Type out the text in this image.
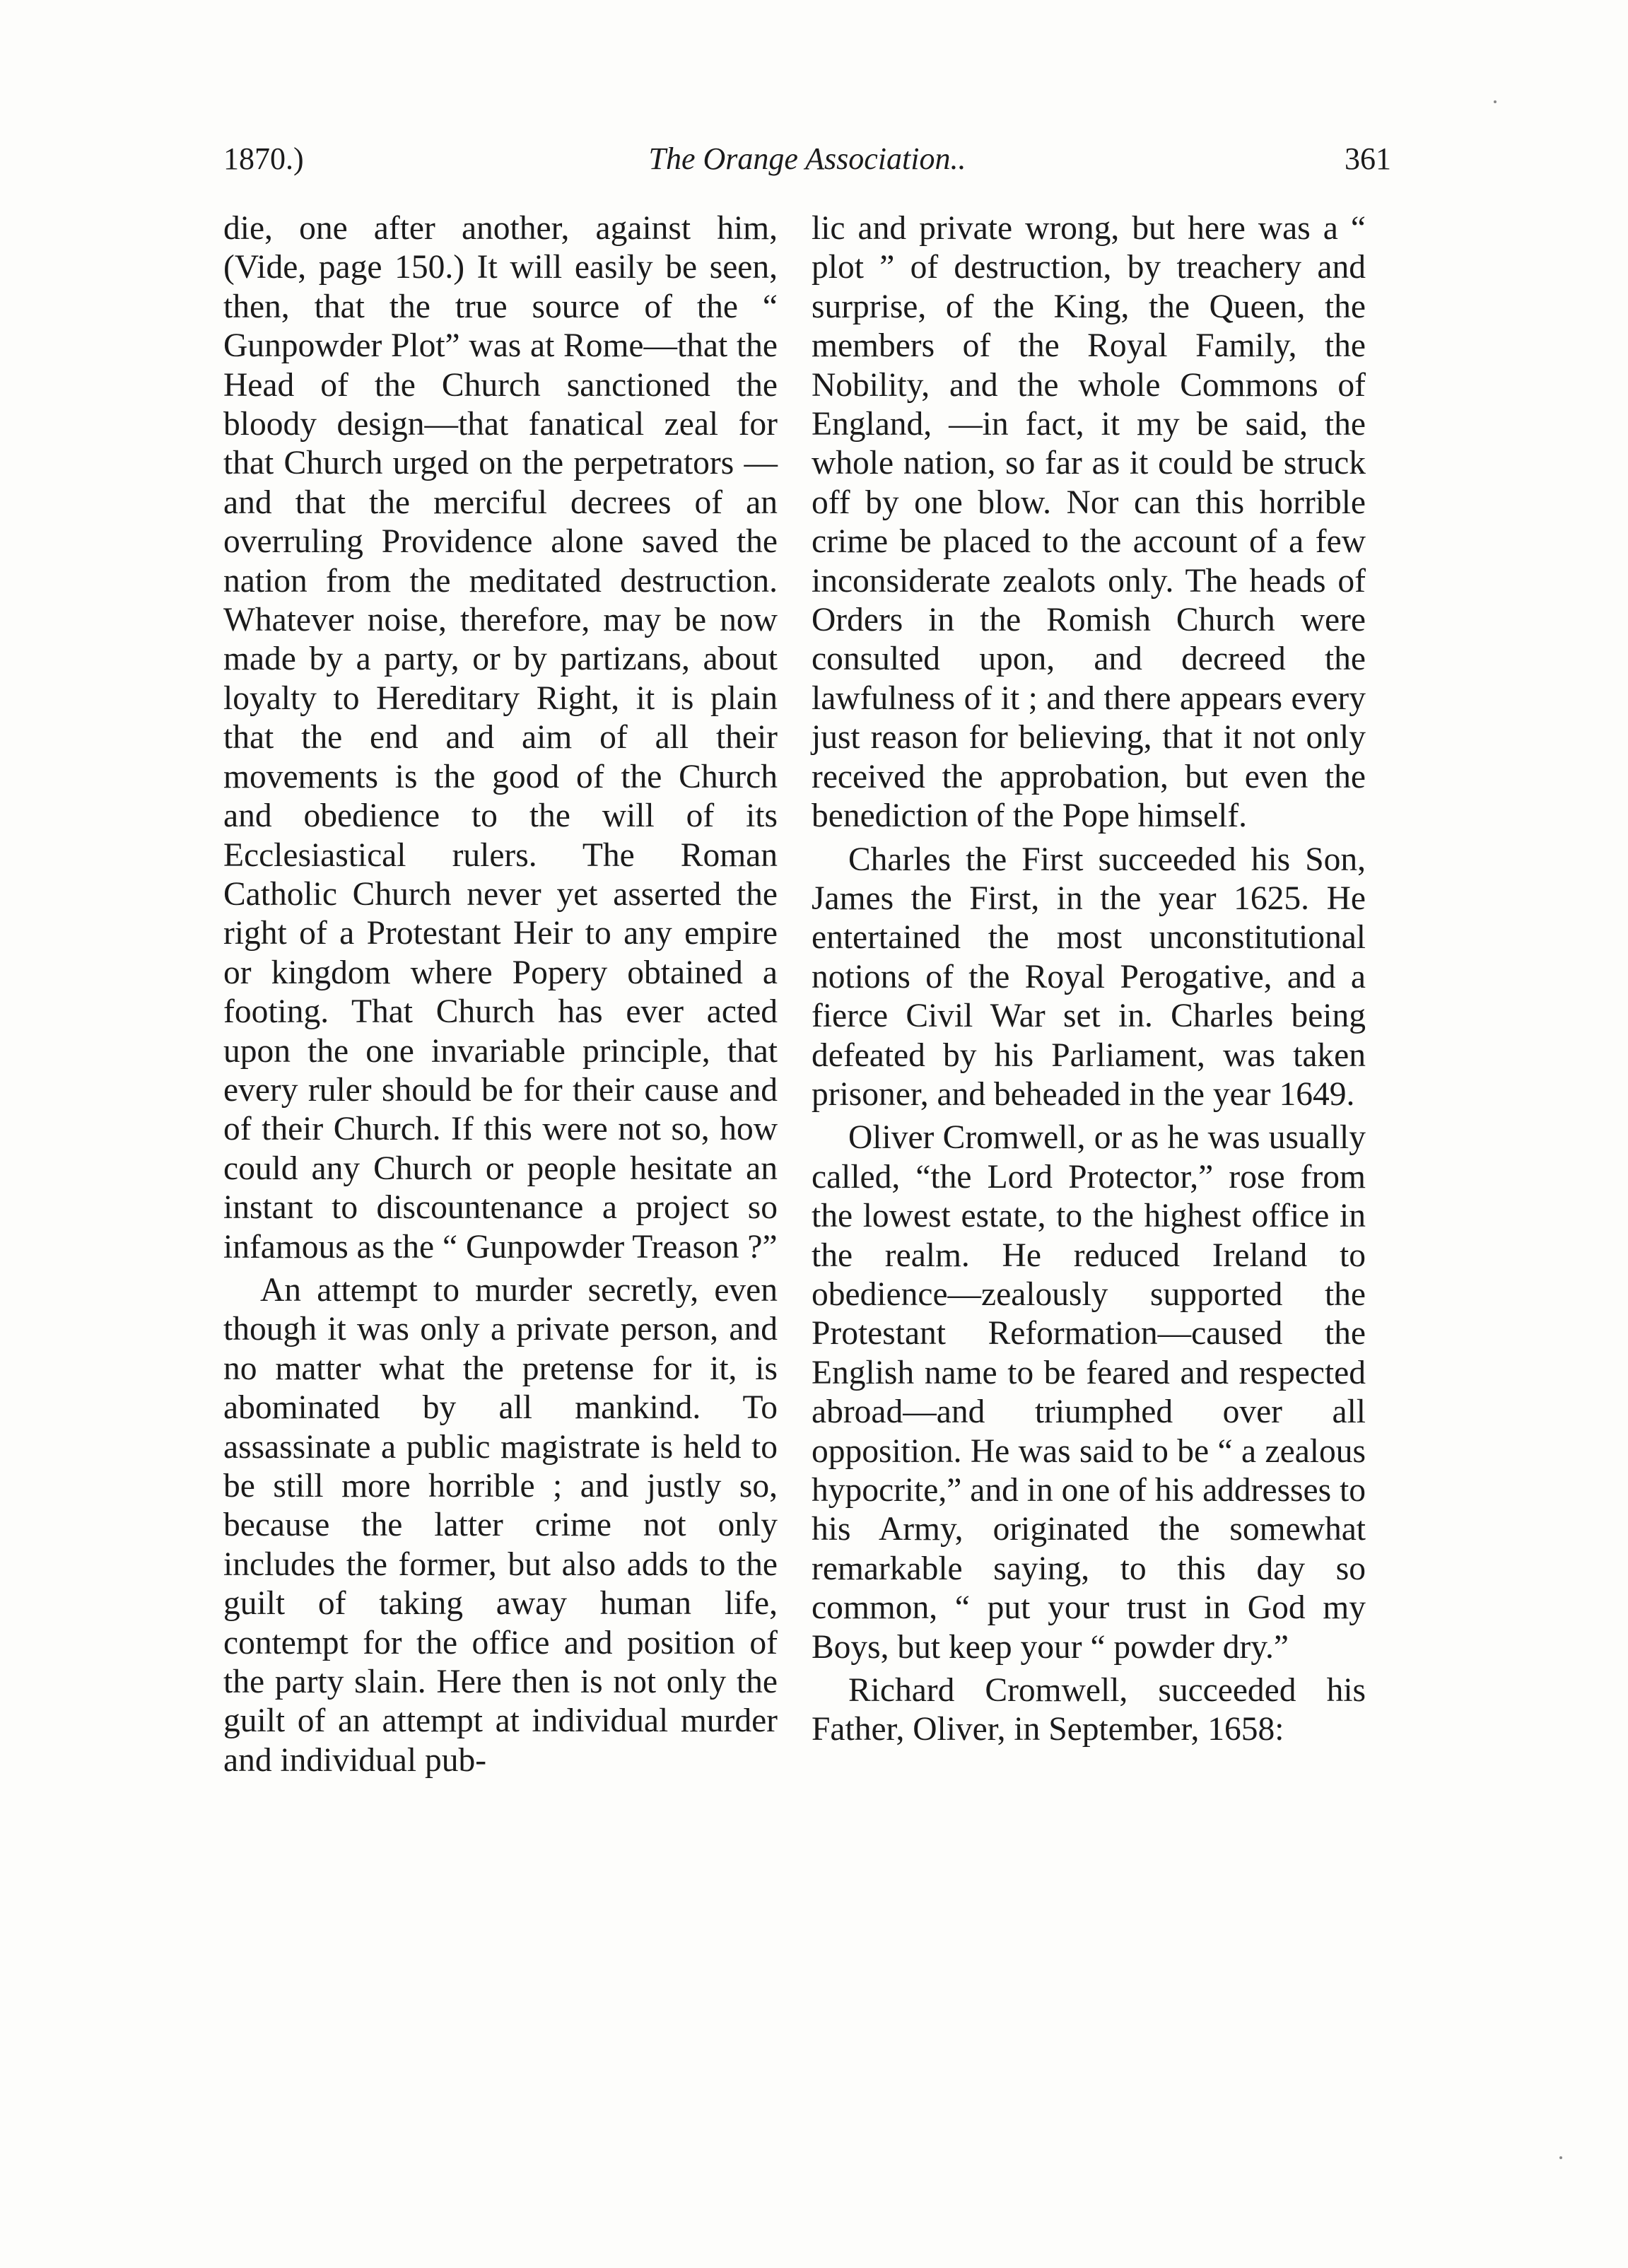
1870.)	The Orange Association..	361

die, one after another, against him, (Vide, page 150.) It will easily be seen, then, that the true source of the “ Gunpowder Plot” was at Rome—that the Head of the Church sanctioned the bloody design—that fanatical zeal for that Church urged on the perpetrators —and that the merciful decrees of an overruling Providence alone saved the nation from the meditated destruction. Whatever noise, therefore, may be now made by a party, or by partizans, about loyalty to Hereditary Right, it is plain that the end and aim of all their movements is the good of the Church and obedience to the will of its Ecclesiastical rulers. The Roman Catholic Church never yet asserted the right of a Protestant Heir to any empire or kingdom where Popery obtained a footing. That Church has ever acted upon the one invariable principle, that every ruler should be for their cause and of their Church. If this were not so, how could any Church or people hesitate an instant to discountenance a project so infamous as the “ Gunpowder Treason ?”

An attempt to murder secretly, even though it was only a private person, and no matter what the pretense for it, is abominated by all mankind. To assassinate a public magistrate is held to be still more horrible ; and justly so, because the latter crime not only includes the former, but also adds to the guilt of taking away human life, contempt for the office and position of the party slain. Here then is not only the guilt of an attempt at individual murder and individual pub-

lic and private wrong, but here was a “ plot ” of destruction, by treachery and surprise, of the King, the Queen, the members of the Royal Family, the Nobility, and the whole Commons of England, —in fact, it my be said, the whole nation, so far as it could be struck off by one blow. Nor can this horrible crime be placed to the account of a few inconsiderate zealots only. The heads of Orders in the Romish Church were consulted upon, and decreed the lawfulness of it ; and there appears every just reason for believing, that it not only received the approbation, but even the benediction of the Pope himself.

Charles the First succeeded his Son, James the First, in the year 1625. He entertained the most unconstitutional notions of the Royal Perogative, and a fierce Civil War set in. Charles being defeated by his Parliament, was taken prisoner, and beheaded in the year 1649.

Oliver Cromwell, or as he was usually called, “the Lord Protector,” rose from the lowest estate, to the highest office in the realm. He reduced Ireland to obedience—zealously supported the Protestant Reformation—caused the English name to be feared and respected abroad—and triumphed over all opposition. He was said to be “ a zealous hypocrite,” and in one of his addresses to his Army, originated the somewhat remarkable saying, to this day so common, “ put your trust in God my Boys, but keep your “ powder dry.”

Richard Cromwell, succeeded his Father, Oliver, in September, 1658:
